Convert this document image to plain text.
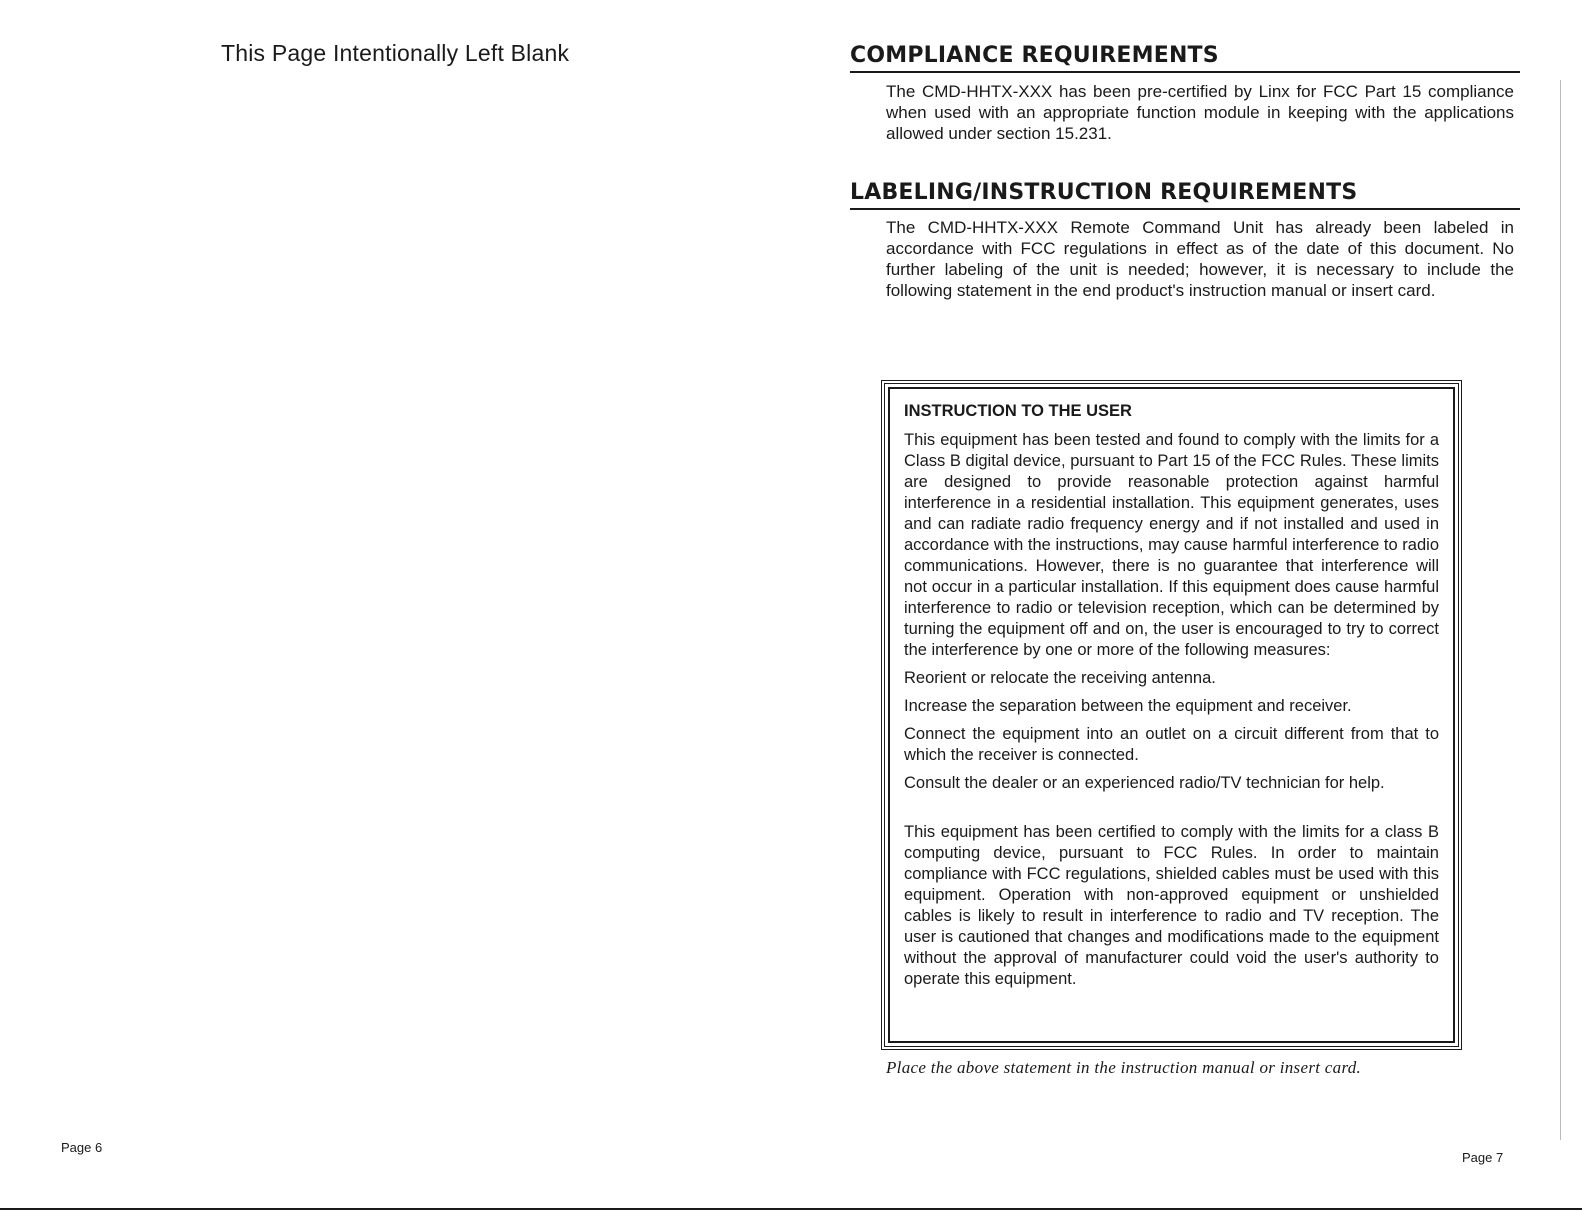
This Page Intentionally Left Blank
Page 6
COMPLIANCE REQUIREMENTS
The CMD-HHTX-XXX has been pre-certified by Linx for FCC Part 15 compliance when used with an appropriate function module in keeping with the applications allowed under section 15.231.
LABELING/INSTRUCTION REQUIREMENTS
The CMD-HHTX-XXX Remote Command Unit has already been labeled in accordance with FCC regulations in effect as of the date of this document. No further labeling of the unit is needed; however, it is necessary to include the following statement in the end product's instruction manual or insert card.
INSTRUCTION TO THE USER

This equipment has been tested and found to comply with the limits for a Class B digital device, pursuant to Part 15 of the FCC Rules. These limits are designed to provide reasonable protection against harmful interference in a residential installation. This equipment generates, uses and can radiate radio frequency energy and if not installed and used in accordance with the instructions, may cause harmful interference to radio communications. However, there is no guarantee that interference will not occur in a particular installation. If this equipment does cause harmful interference to radio or television reception, which can be determined by turning the equipment off and on, the user is encouraged to try to correct the interference by one or more of the following measures:

Reorient or relocate the receiving antenna.

Increase the separation between the equipment and receiver.

Connect the equipment into an outlet on a circuit different from that to which the receiver is connected.

Consult the dealer or an experienced radio/TV technician for help.

This equipment has been certified to comply with the limits for a class B computing device, pursuant to FCC Rules. In order to maintain compliance with FCC regulations, shielded cables must be used with this equipment. Operation with non-approved equipment or unshielded cables is likely to result in interference to radio and TV reception. The user is cautioned that changes and modifications made to the equipment without the approval of manufacturer could void the user's authority to operate this equipment.

Place the above statement in the instruction manual or insert card.
Page 7
